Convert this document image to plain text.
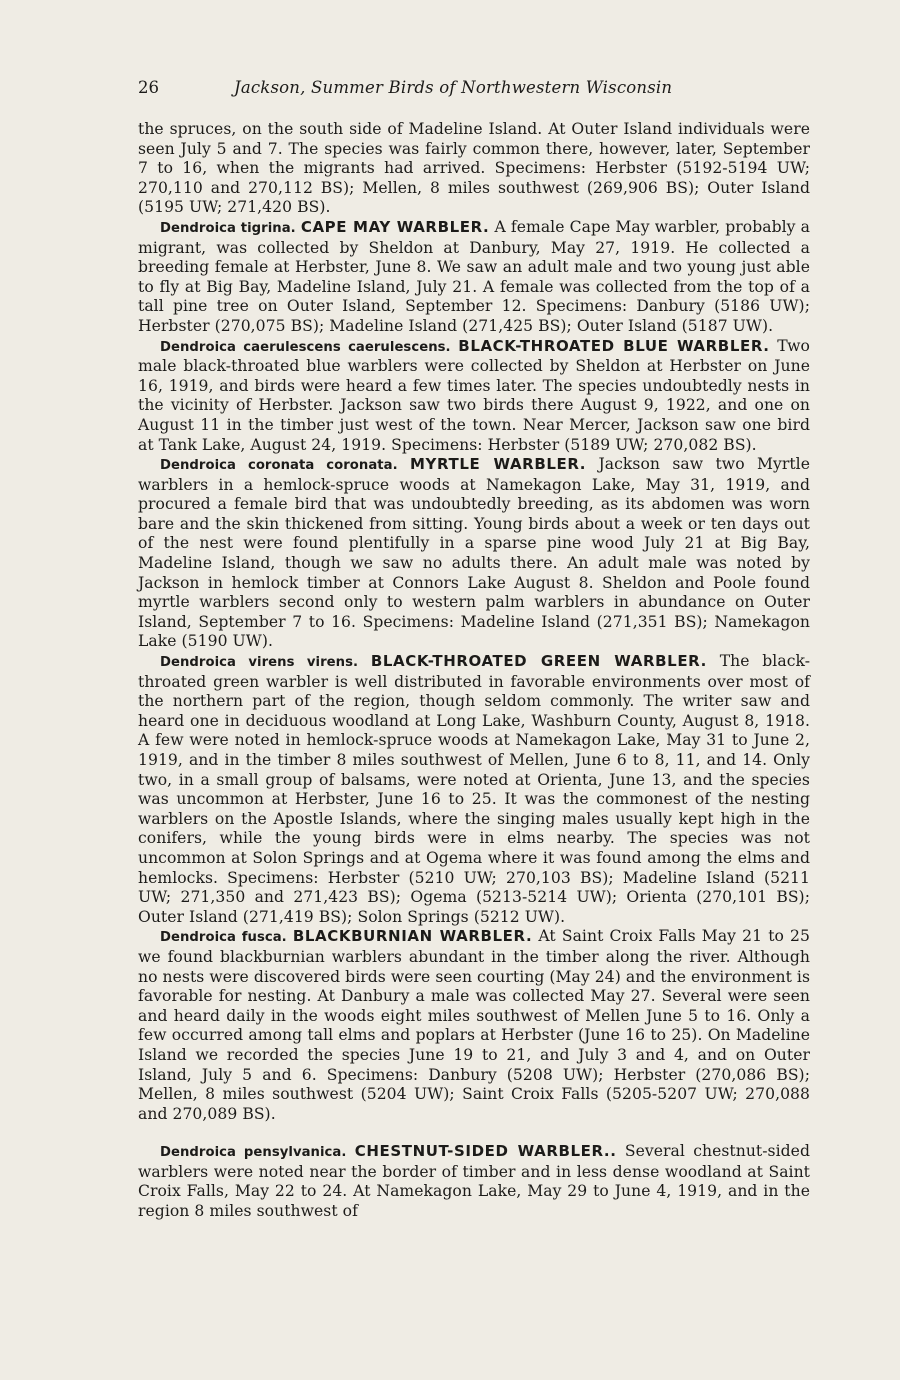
26	Jackson, Summer Birds of Northwestern Wisconsin

the spruces, on the south side of Madeline Island. At Outer Island individuals were seen July 5 and 7. The species was fairly common there, however, later, September 7 to 16, when the migrants had arrived. Specimens: Herbster (5192-5194 UW; 270,110 and 270,112 BS); Mellen, 8 miles southwest (269,906 BS); Outer Island (5195 UW; 271,420 BS).

Dendroica tigrina. CAPE MAY WARBLER. A female Cape May warbler, probably a migrant, was collected by Sheldon at Danbury, May 27, 1919. He collected a breeding female at Herbster, June 8. We saw an adult male and two young just able to fly at Big Bay, Madeline Island, July 21. A female was collected from the top of a tall pine tree on Outer Island, September 12. Specimens: Danbury (5186 UW); Herbster (270,075 BS); Madeline Island (271,425 BS); Outer Island (5187 UW).

Dendroica caerulescens caerulescens. BLACK-THROATED BLUE WARBLER. Two male black-throated blue warblers were collected by Sheldon at Herbster on June 16, 1919, and birds were heard a few times later. The species undoubtedly nests in the vicinity of Herbster. Jackson saw two birds there August 9, 1922, and one on August 11 in the timber just west of the town. Near Mercer, Jackson saw one bird at Tank Lake, August 24, 1919. Specimens: Herbster (5189 UW; 270,082 BS).

Dendroica coronata coronata. MYRTLE WARBLER. Jackson saw two Myrtle warblers in a hemlock-spruce woods at Namekagon Lake, May 31, 1919, and procured a female bird that was undoubtedly breeding, as its abdomen was worn bare and the skin thickened from sitting. Young birds about a week or ten days out of the nest were found plentifully in a sparse pine wood July 21 at Big Bay, Madeline Island, though we saw no adults there. An adult male was noted by Jackson in hemlock timber at Connors Lake August 8. Sheldon and Poole found myrtle warblers second only to western palm warblers in abundance on Outer Island, September 7 to 16. Specimens: Madeline Island (271,351 BS); Namekagon Lake (5190 UW).

Dendroica virens virens. BLACK-THROATED GREEN WARBLER. The black-throated green warbler is well distributed in favorable environments over most of the northern part of the region, though seldom commonly. The writer saw and heard one in deciduous woodland at Long Lake, Washburn County, August 8, 1918. A few were noted in hemlock-spruce woods at Namekagon Lake, May 31 to June 2, 1919, and in the timber 8 miles southwest of Mellen, June 6 to 8, 11, and 14. Only two, in a small group of balsams, were noted at Orienta, June 13, and the species was uncommon at Herbster, June 16 to 25. It was the commonest of the nesting warblers on the Apostle Islands, where the singing males usually kept high in the conifers, while the young birds were in elms nearby. The species was not uncommon at Solon Springs and at Ogema where it was found among the elms and hemlocks. Specimens: Herbster (5210 UW; 270,103 BS); Madeline Island (5211 UW; 271,350 and 271,423 BS); Ogema (5213-5214 UW); Orienta (270,101 BS); Outer Island (271,419 BS); Solon Springs (5212 UW).

Dendroica fusca. BLACKBURNIAN WARBLER. At Saint Croix Falls May 21 to 25 we found blackburnian warblers abundant in the timber along the river. Although no nests were discovered birds were seen courting (May 24) and the environment is favorable for nesting. At Danbury a male was collected May 27. Several were seen and heard daily in the woods eight miles southwest of Mellen June 5 to 16. Only a few occurred among tall elms and poplars at Herbster (June 16 to 25). On Madeline Island we recorded the species June 19 to 21, and July 3 and 4, and on Outer Island, July 5 and 6. Specimens: Danbury (5208 UW); Herbster (270,086 BS); Mellen, 8 miles southwest (5204 UW); Saint Croix Falls (5205-5207 UW; 270,088 and 270,089 BS).

Dendroica pensylvanica. CHESTNUT-SIDED WARBLER.. Several chestnut-sided warblers were noted near the border of timber and in less dense woodland at Saint Croix Falls, May 22 to 24. At Namekagon Lake, May 29 to June 4, 1919, and in the region 8 miles southwest of
